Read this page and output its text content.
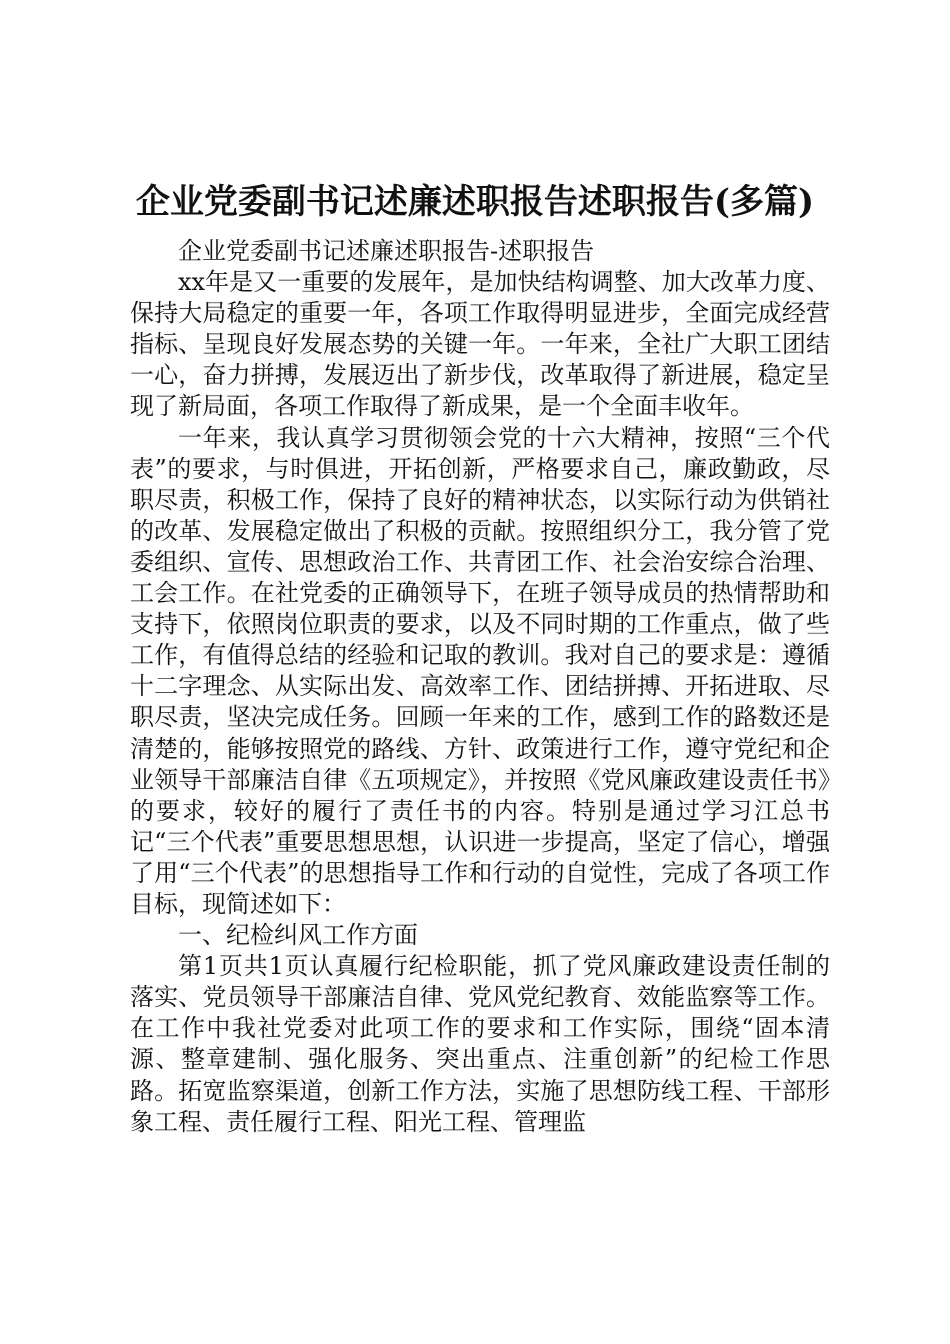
企业党委副书记述廉述职报告述职报告(多篇)

企业党委副书记述廉述职报告-述职报告

xx年是又一重要的发展年，是加快结构调整、加大改革力度、保持大局稳定的重要一年，各项工作取得明显进步，全面完成经营指标、呈现良好发展态势的关键一年。一年来，全社广大职工团结一心，奋力拼搏，发展迈出了新步伐，改革取得了新进展，稳定呈现了新局面，各项工作取得了新成果，是一个全面丰收年。

一年来，我认真学习贯彻领会党的十六大精神，按照“三个代表”的要求，与时俱进，开拓创新，严格要求自己，廉政勤政，尽职尽责，积极工作，保持了良好的精神状态，以实际行动为供销社的改革、发展稳定做出了积极的贡献。按照组织分工，我分管了党委组织、宣传、思想政治工作、共青团工作、社会治安综合治理、工会工作。在社党委的正确领导下，在班子领导成员的热情帮助和支持下，依照岗位职责的要求，以及不同时期的工作重点，做了些工作，有值得总结的经验和记取的教训。我对自己的要求是：遵循十二字理念、从实际出发、高效率工作、团结拼搏、开拓进取、尽职尽责，坚决完成任务。回顾一年来的工作，感到工作的路数还是清楚的，能够按照党的路线、方针、政策进行工作，遵守党纪和企业领导干部廉洁自律《五项规定》，并按照《党风廉政建设责任书》的要求，较好的履行了责任书的内容。特别是通过学习江总书记“三个代表”重要思想思想，认识进一步提高，坚定了信心，增强了用“三个代表”的思想指导工作和行动的自觉性，完成了各项工作目标，现简述如下：

一、纪检纠风工作方面

第1页共1页认真履行纪检职能，抓了党风廉政建设责任制的落实、党员领导干部廉洁自律、党风党纪教育、效能监察等工作。在工作中我社党委对此项工作的要求和工作实际，围绕“固本清源、整章建制、强化服务、突出重点、注重创新”的纪检工作思路。拓宽监察渠道，创新工作方法，实施了思想防线工程、干部形象工程、责任履行工程、阳光工程、管理监
